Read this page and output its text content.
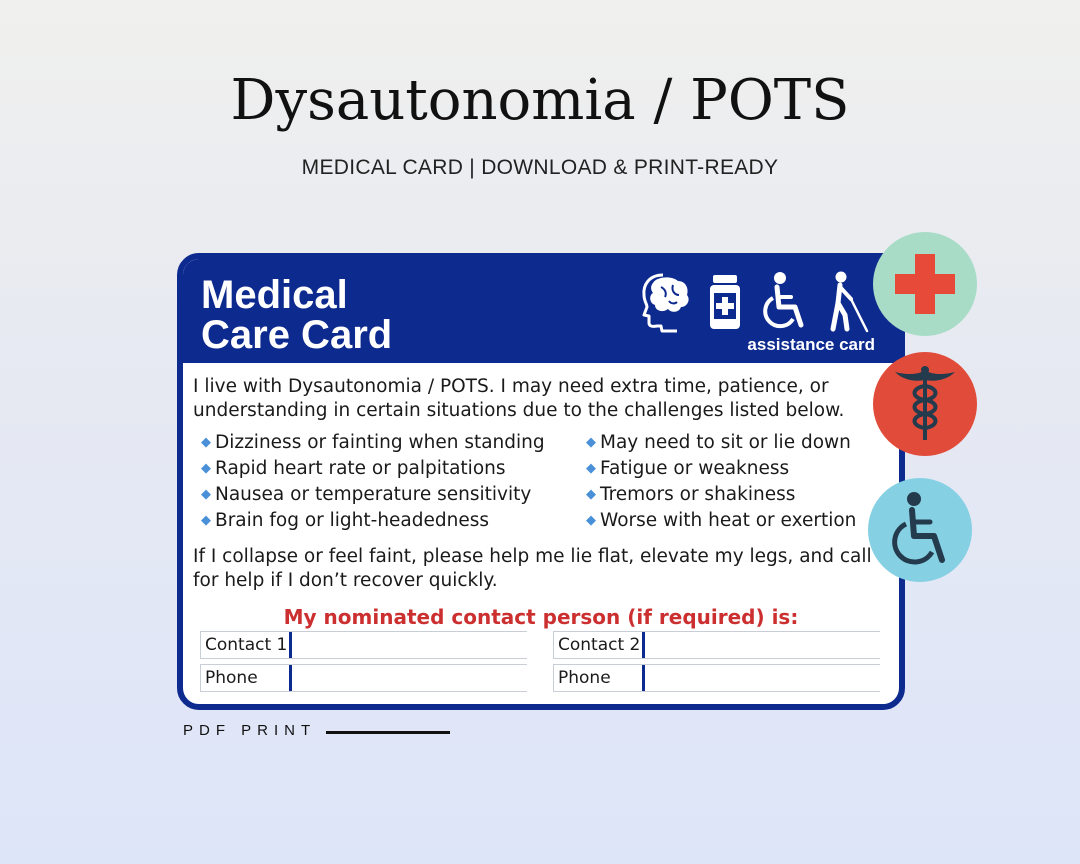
Dysautonomia / POTS
MEDICAL CARD | DOWNLOAD & PRINT-READY
Medical
Care Card	assistance card

I live with Dysautonomia / POTS. I may need extra time, patience, or understanding in certain situations due to the challenges listed below.

◆ Dizziness or fainting when standing	◆ May need to sit or lie down
◆ Rapid heart rate or palpitations	◆ Fatigue or weakness
◆ Nausea or temperature sensitivity	◆ Tremors or shakiness
◆ Brain fog or light-headedness	◆ Worse with heat or exertion
If I collapse or feel faint, please help me lie flat, elevate my legs, and call
for help if I don’t recover quickly.
My nominated contact person (if required) is:
Contact 1
Phone
Contact 2
Phone
PDF PRINT
